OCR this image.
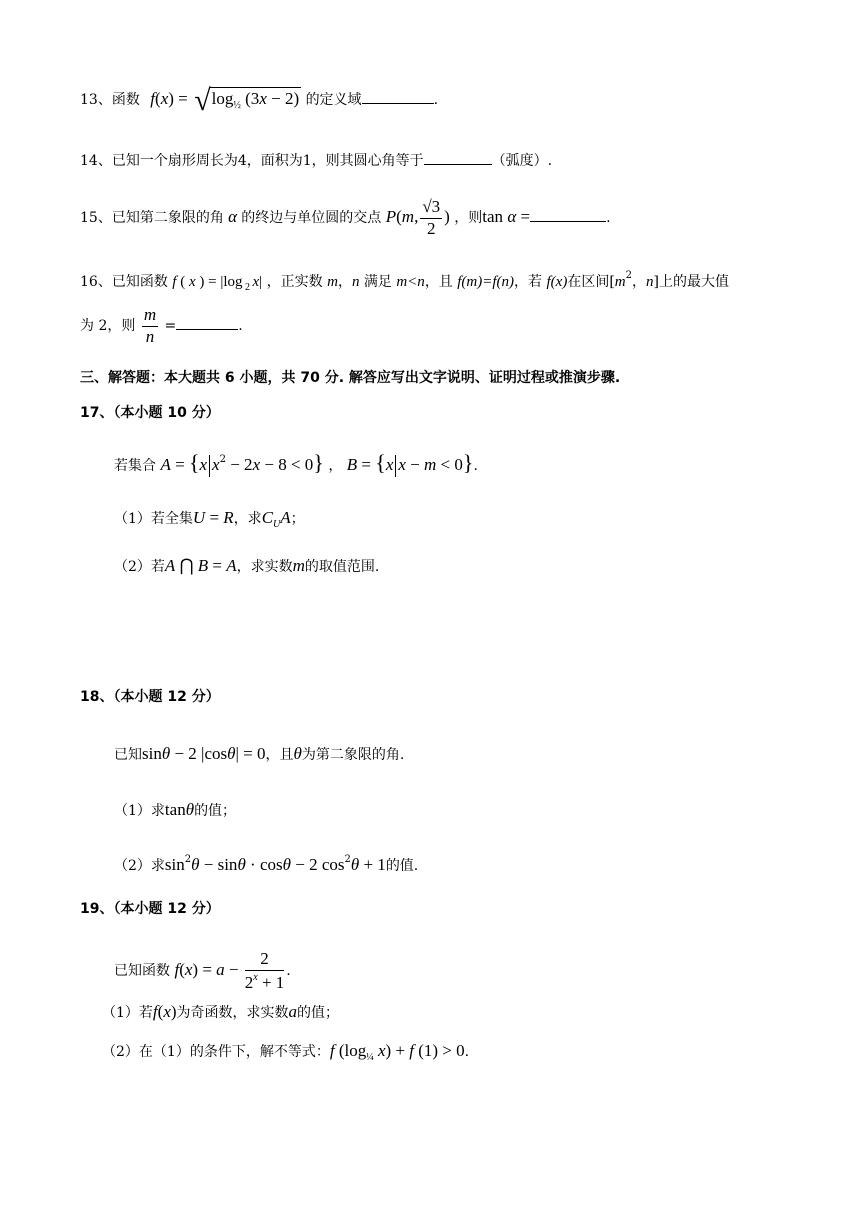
13、函数 $f(x) = √\log_{\frac{1}{2}}$ (3x − 2) 的定义域	.
14、已知一个扇形周长为4，面积为1，则其圆心角等于	（弧度）.
15、已知第二象限的角 α 的终边与单位圆的交点 P(m, $\frac{√3}{2}$ ) ，则tan α =	.
16、已知函数 f ( x ) = |log $_2$ x| ，正实数 m，n 满足 m<n，且 f(m)=f(n)，若 f(x)在区间[$m^2$，n]上的最大值
为 2，则 $\frac{m}{n}$ =	.
三、解答题：本大题共 6 小题，共 70 分. 解答应写出文字说明、证明过程或推演步骤.
17、（本小题 10 分）
若集合 A = {x $x^2 - 2x - 8 < 0$} ， B = {x x − m < 0}.
（1）若全集U = R，求$C_UA$；
（2）若A ⋂ B = A，求实数m的取值范围.
18、（本小题 12 分）
已知sinθ − 2 |cosθ| = 0，且θ为第二象限的角.
（1）求tanθ的值；
（2）求$\sin^2\theta - \sin\theta \cdot \cos\theta - 2$ $\cos^2\theta + 1$的值.
19、（本小题 12 分）
已知函数 $f(x) = a - \frac{2}{2^x + 1}$ .
（1）若f(x)为奇函数，求实数a的值；
（2）在（1）的条件下，解不等式：f ($\log_{\frac{1}{4}}$ x) + f (1) > 0.
